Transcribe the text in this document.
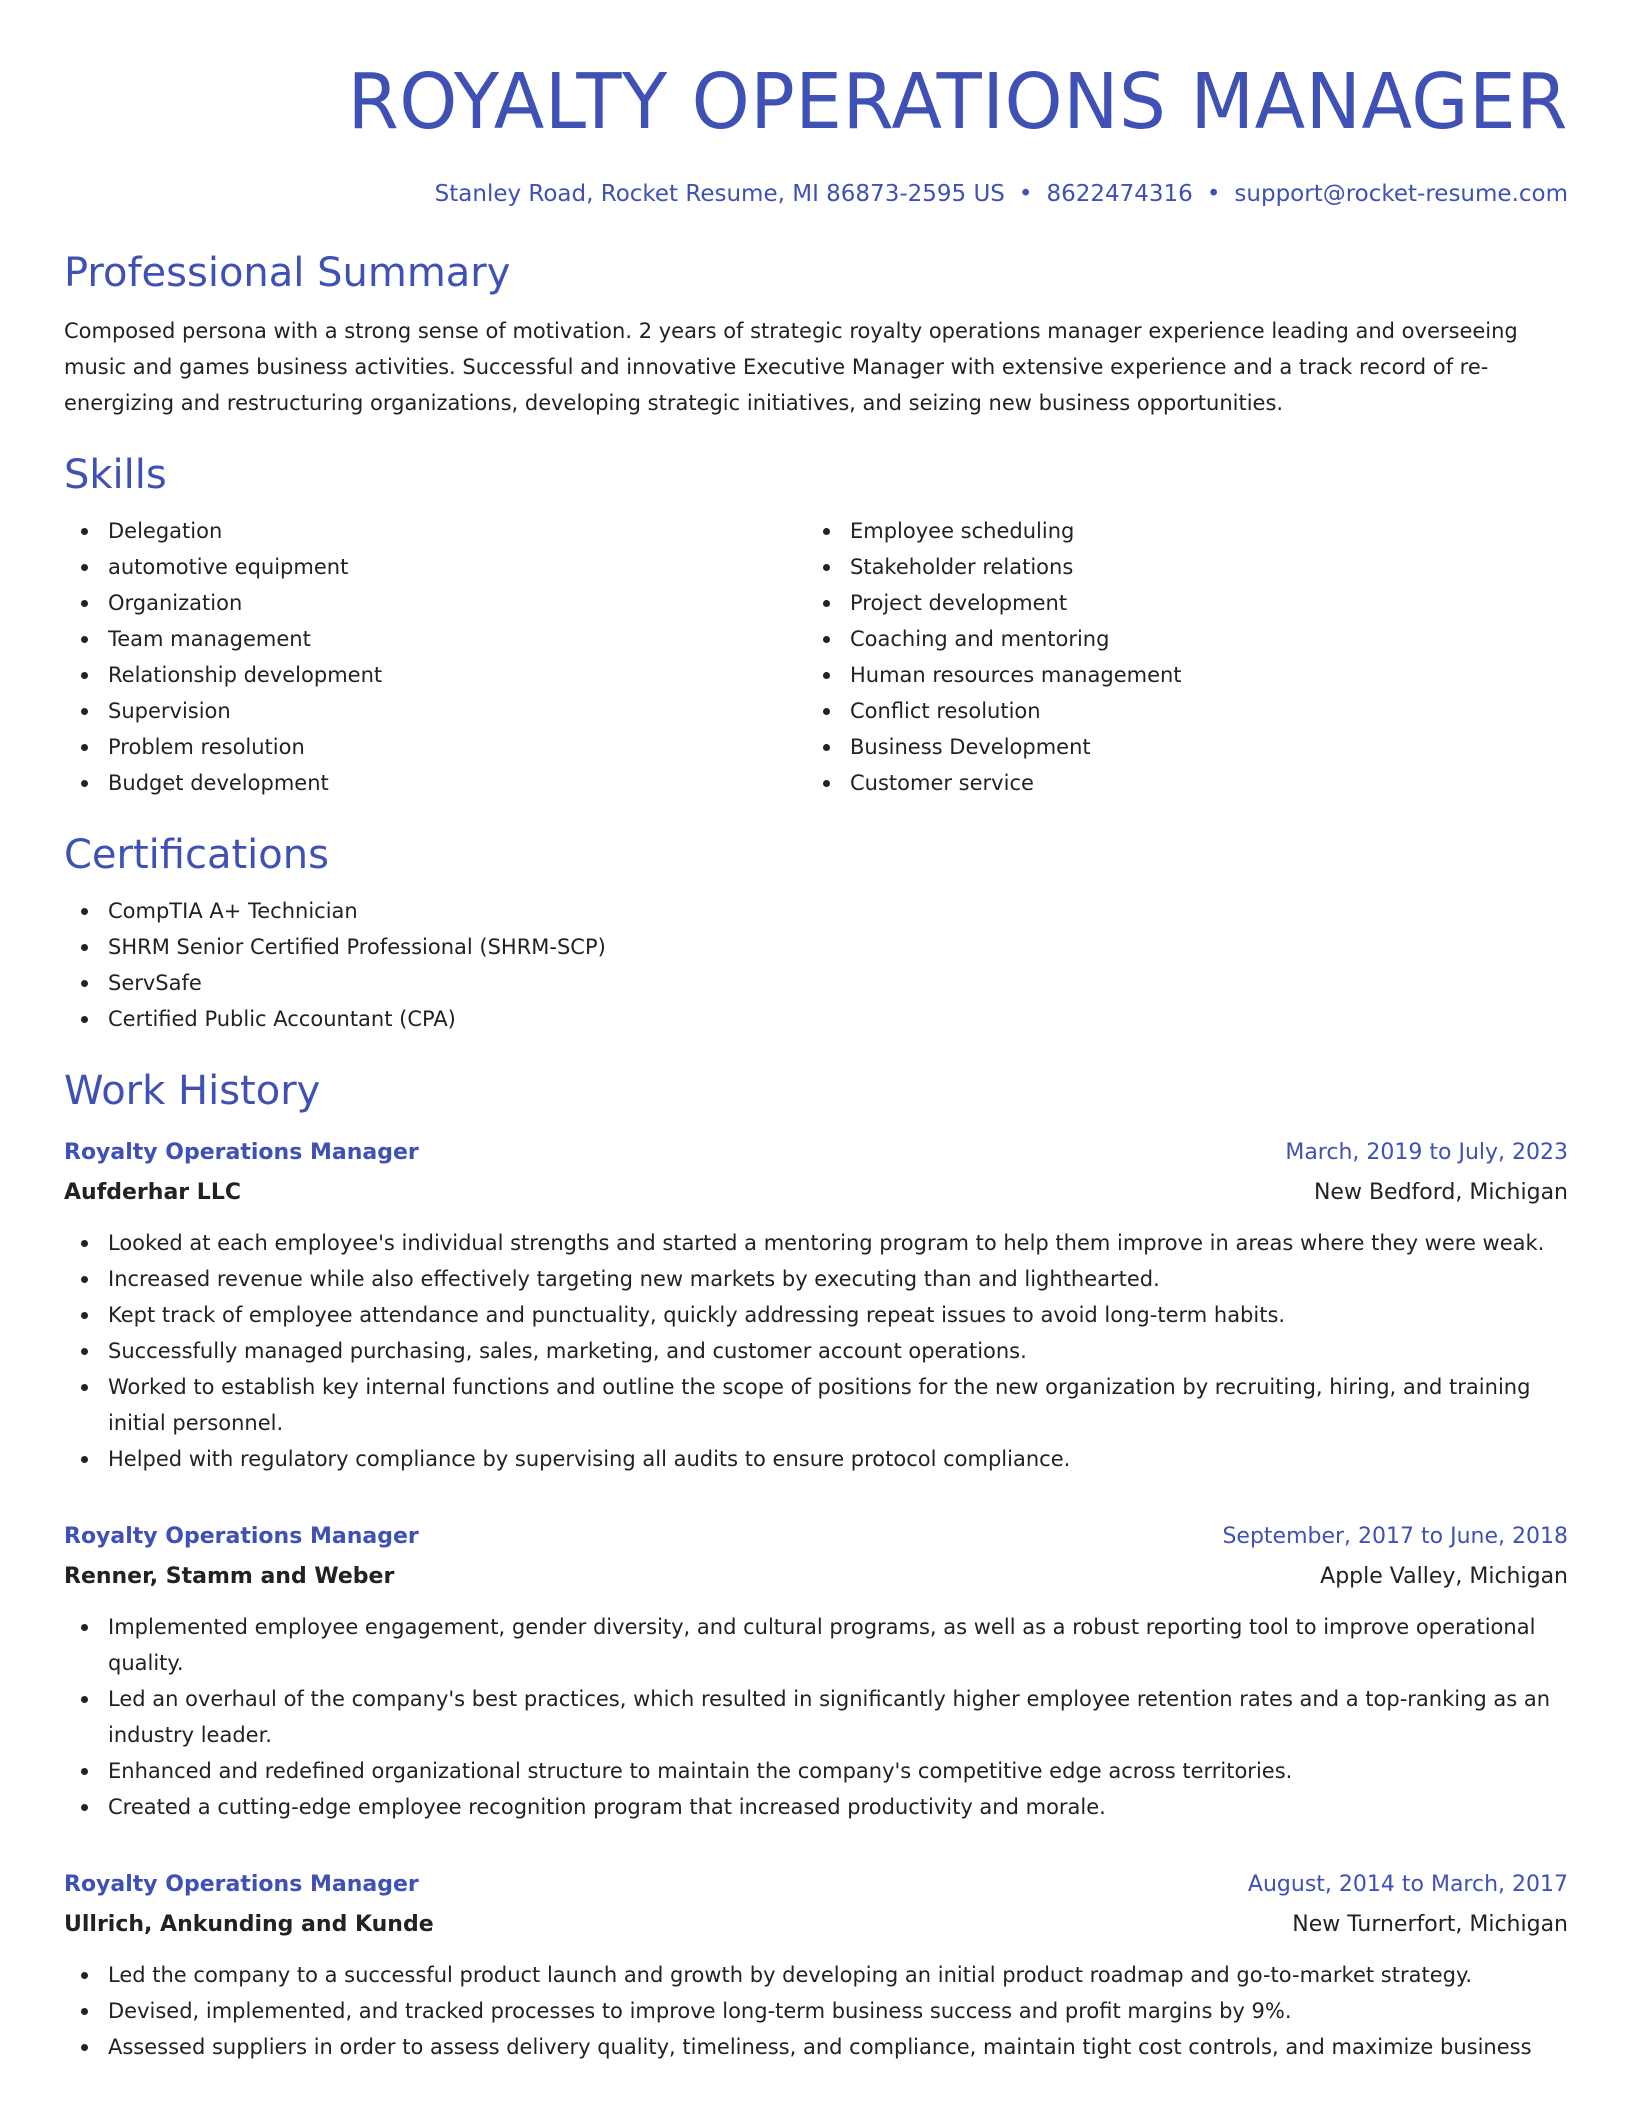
ROYALTY OPERATIONS MANAGER
Stanley Road, Rocket Resume, MI 86873-2595 US • 8622474316 • support@rocket-resume.com
Professional Summary
Composed persona with a strong sense of motivation. 2 years of strategic royalty operations manager experience leading and overseeing music and games business activities. Successful and innovative Executive Manager with extensive experience and a track record of re-energizing and restructuring organizations, developing strategic initiatives, and seizing new business opportunities.
Skills
Delegation
automotive equipment
Organization
Team management
Relationship development
Supervision
Problem resolution
Budget development
Employee scheduling
Stakeholder relations
Project development
Coaching and mentoring
Human resources management
Conflict resolution
Business Development
Customer service
Certifications
CompTIA A+ Technician
SHRM Senior Certified Professional (SHRM-SCP)
ServSafe
Certified Public Accountant (CPA)
Work History
Royalty Operations Manager	March, 2019 to July, 2023
Aufderhar LLC	New Bedford, Michigan
Looked at each employee's individual strengths and started a mentoring program to help them improve in areas where they were weak.
Increased revenue while also effectively targeting new markets by executing than and lighthearted.
Kept track of employee attendance and punctuality, quickly addressing repeat issues to avoid long-term habits.
Successfully managed purchasing, sales, marketing, and customer account operations.
Worked to establish key internal functions and outline the scope of positions for the new organization by recruiting, hiring, and training initial personnel.
Helped with regulatory compliance by supervising all audits to ensure protocol compliance.
Royalty Operations Manager	September, 2017 to June, 2018
Renner, Stamm and Weber	Apple Valley, Michigan
Implemented employee engagement, gender diversity, and cultural programs, as well as a robust reporting tool to improve operational quality.
Led an overhaul of the company's best practices, which resulted in significantly higher employee retention rates and a top-ranking as an industry leader.
Enhanced and redefined organizational structure to maintain the company's competitive edge across territories.
Created a cutting-edge employee recognition program that increased productivity and morale.
Royalty Operations Manager	August, 2014 to March, 2017
Ullrich, Ankunding and Kunde	New Turnerfort, Michigan
Led the company to a successful product launch and growth by developing an initial product roadmap and go-to-market strategy.
Devised, implemented, and tracked processes to improve long-term business success and profit margins by 9%.
Assessed suppliers in order to assess delivery quality, timeliness, and compliance, maintain tight cost controls, and maximize business
